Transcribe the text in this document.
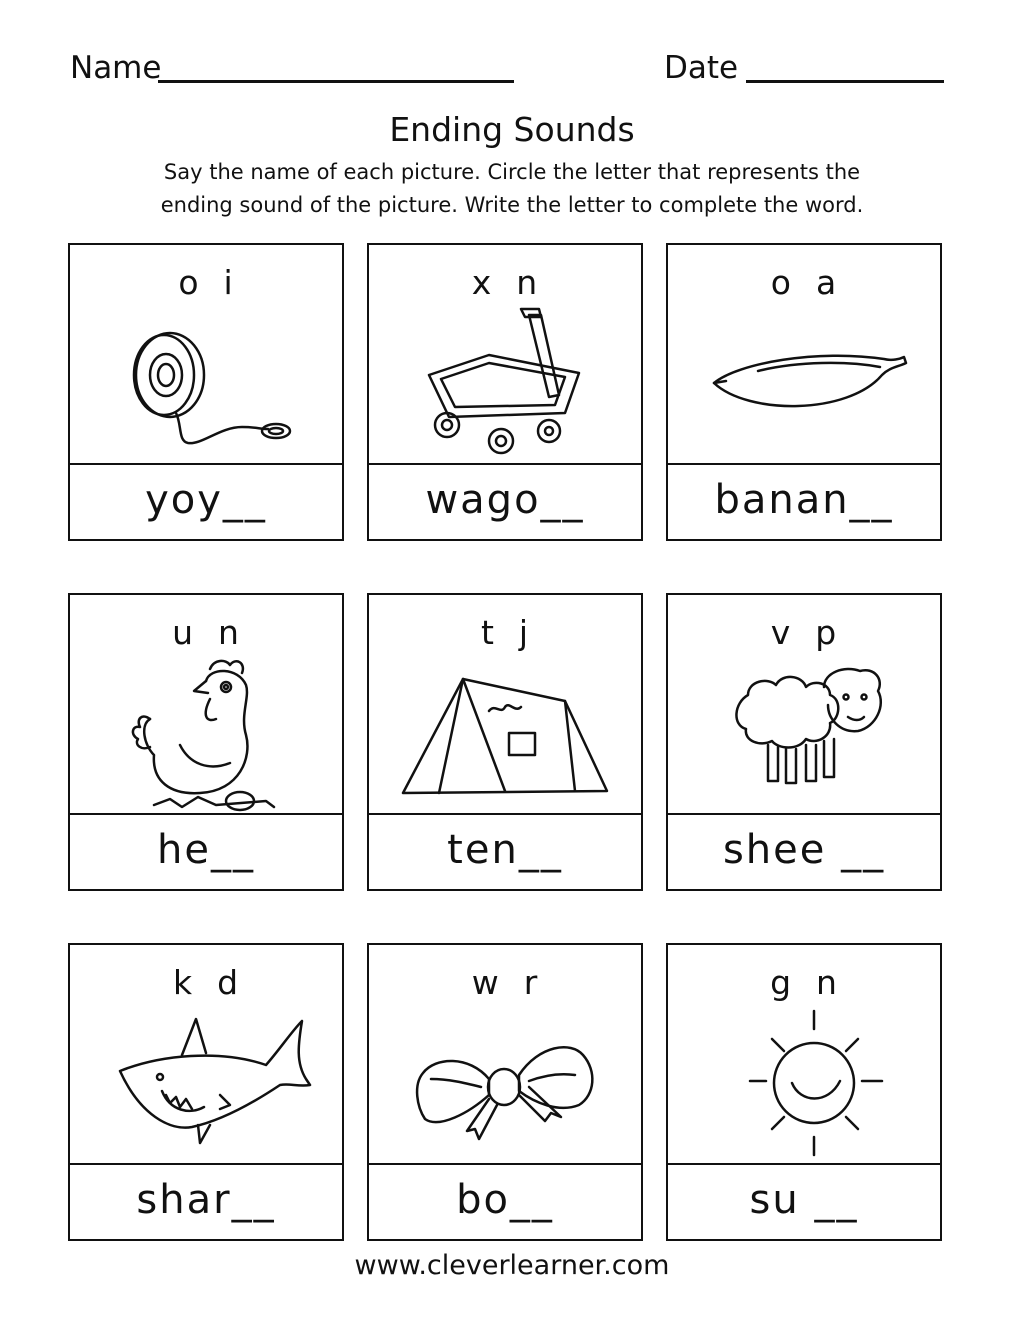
Name	Date
Ending Sounds
Say the name of each picture. Circle the letter that represents the
ending sound of the picture. Write the letter to complete the word.
o i
yoy__
x n
wago__
o a
banan__
u n
he__
t j
ten__
v p
shee __
k d
shar__
w r
bo__
g n
su __
www.cleverlearner.com
